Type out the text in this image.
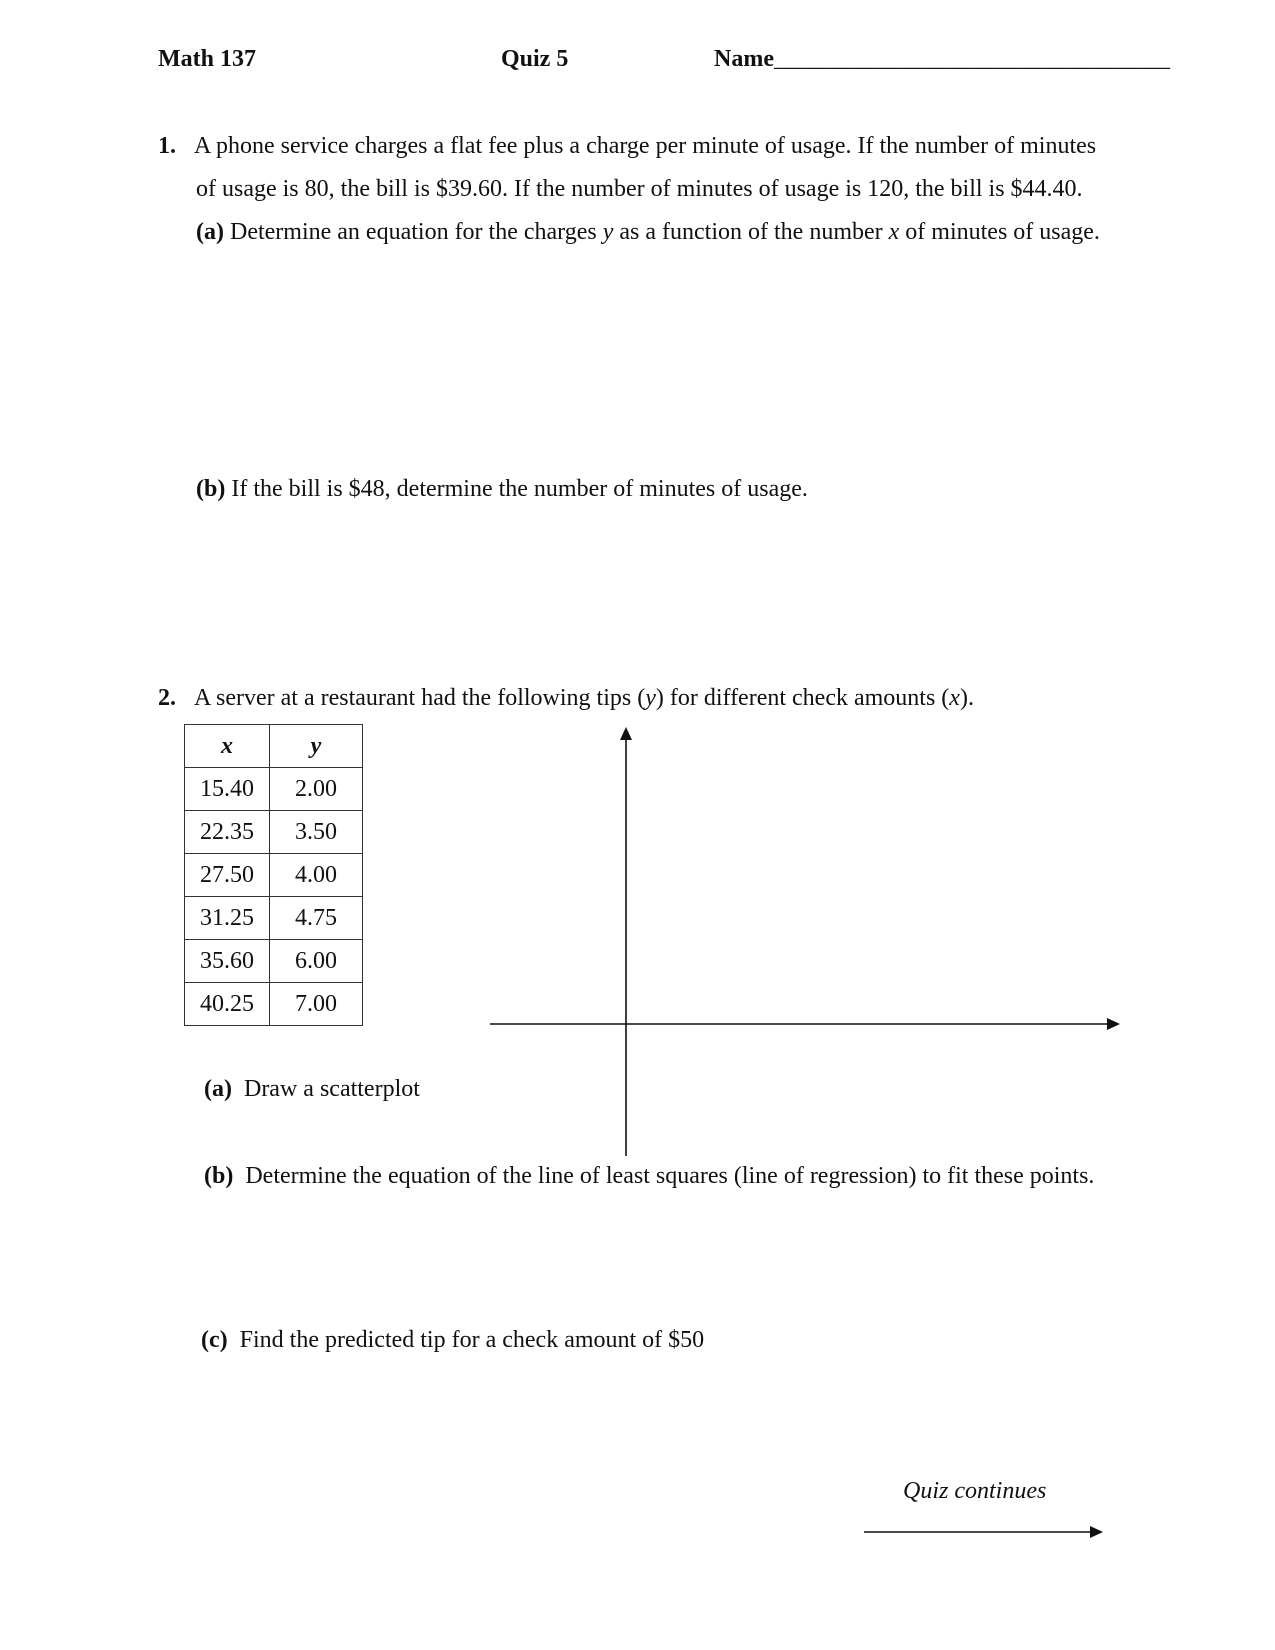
Math 137	Quiz 5	Name_________________________________
1. A phone service charges a flat fee plus a charge per minute of usage. If the number of minutes
of usage is 80, the bill is $39.60. If the number of minutes of usage is 120, the bill is $44.40.
(a) Determine an equation for the charges y as a function of the number x of minutes of usage.
(b) If the bill is $48, determine the number of minutes of usage.
2. A server at a restaurant had the following tips (y) for different check amounts (x).
x	y
15.40	2.00
22.35	3.50
27.50	4.00
31.25	4.75
35.60	6.00
40.25	7.00
(a) Draw a scatterplot
(b) Determine the equation of the line of least squares (line of regression) to fit these points.
(c) Find the predicted tip for a check amount of $50
Quiz continues
